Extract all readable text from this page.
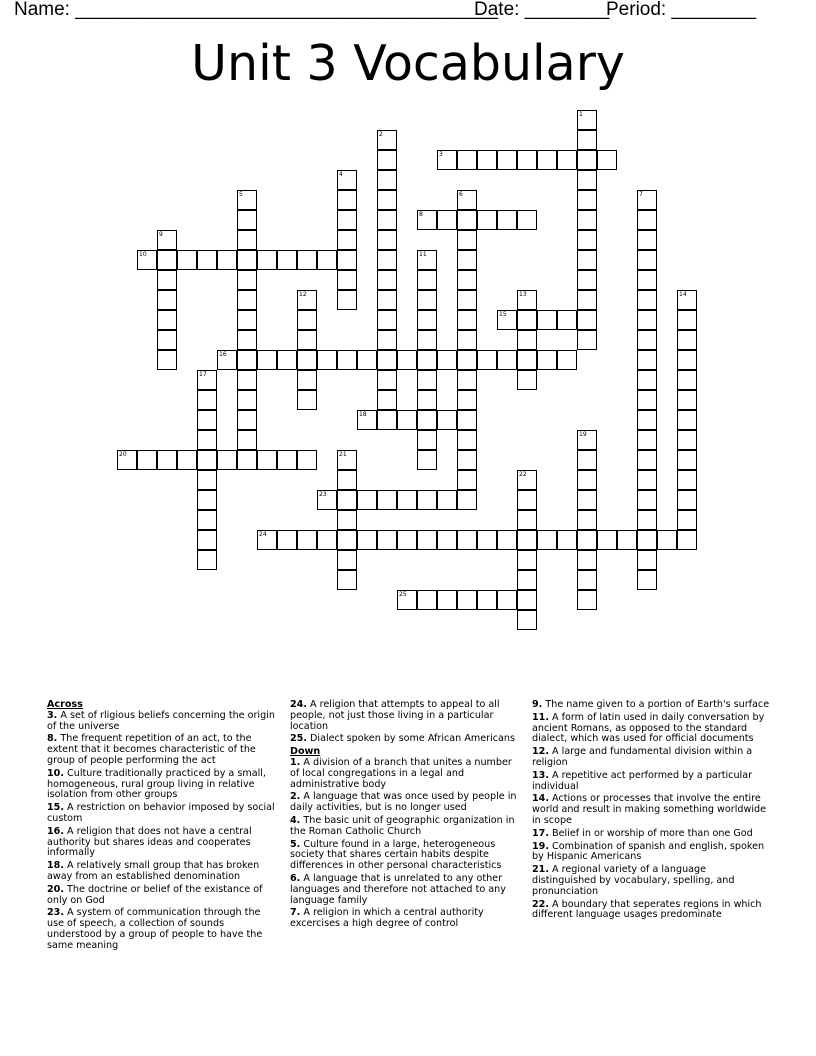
Name: ________________________________________
Date: ________
Period: ________
Unit 3 Vocabulary
1
2
3
4
5	6	7
8
9
10	11
12	13	14
15
16
17
18
19
20	21
22
23
24
25
Across
3. A set of rligious beliefs concerning the origin of the universe
8. The frequent repetition of an act, to the extent that it becomes characteristic of the group of people performing the act
10. Culture traditionally practiced by a small, homogeneous, rural group living in relative isolation from other groups
15. A restriction on behavior imposed by social custom
16. A religion that does not have a central authority but shares ideas and cooperates informally
18. A relatively small group that has broken away from an established denomination
20. The doctrine or belief of the existance of only on God
23. A system of communication through the use of speech, a collection of sounds understood by a group of people to have the same meaning
24. A religion that attempts to appeal to all people, not just those living in a particular location
25. Dialect spoken by some African Americans
Down
1. A division of a branch that unites a number of local congregations in a legal and administrative body
2. A language that was once used by people in daily activities, but is no longer used
4. The basic unit of geographic organization in the Roman Catholic Church
5. Culture found in a large, heterogeneous society that shares certain habits despite differences in other personal characteristics
6. A language that is unrelated to any other languages and therefore not attached to any language family
7. A religion in which a central authority excercises a high degree of control
9. The name given to a portion of Earth's surface
11. A form of latin used in daily conversation by ancient Romans, as opposed to the standard dialect, which was used for official documents
12. A large and fundamental division within a religion
13. A repetitive act performed by a particular individual
14. Actions or processes that involve the entire world and result in making something worldwide in scope
17. Belief in or worship of more than one God
19. Combination of spanish and english, spoken by Hispanic Americans
21. A regional variety of a language distinguished by vocabulary, spelling, and pronunciation
22. A boundary that seperates regions in which different language usages predominate
